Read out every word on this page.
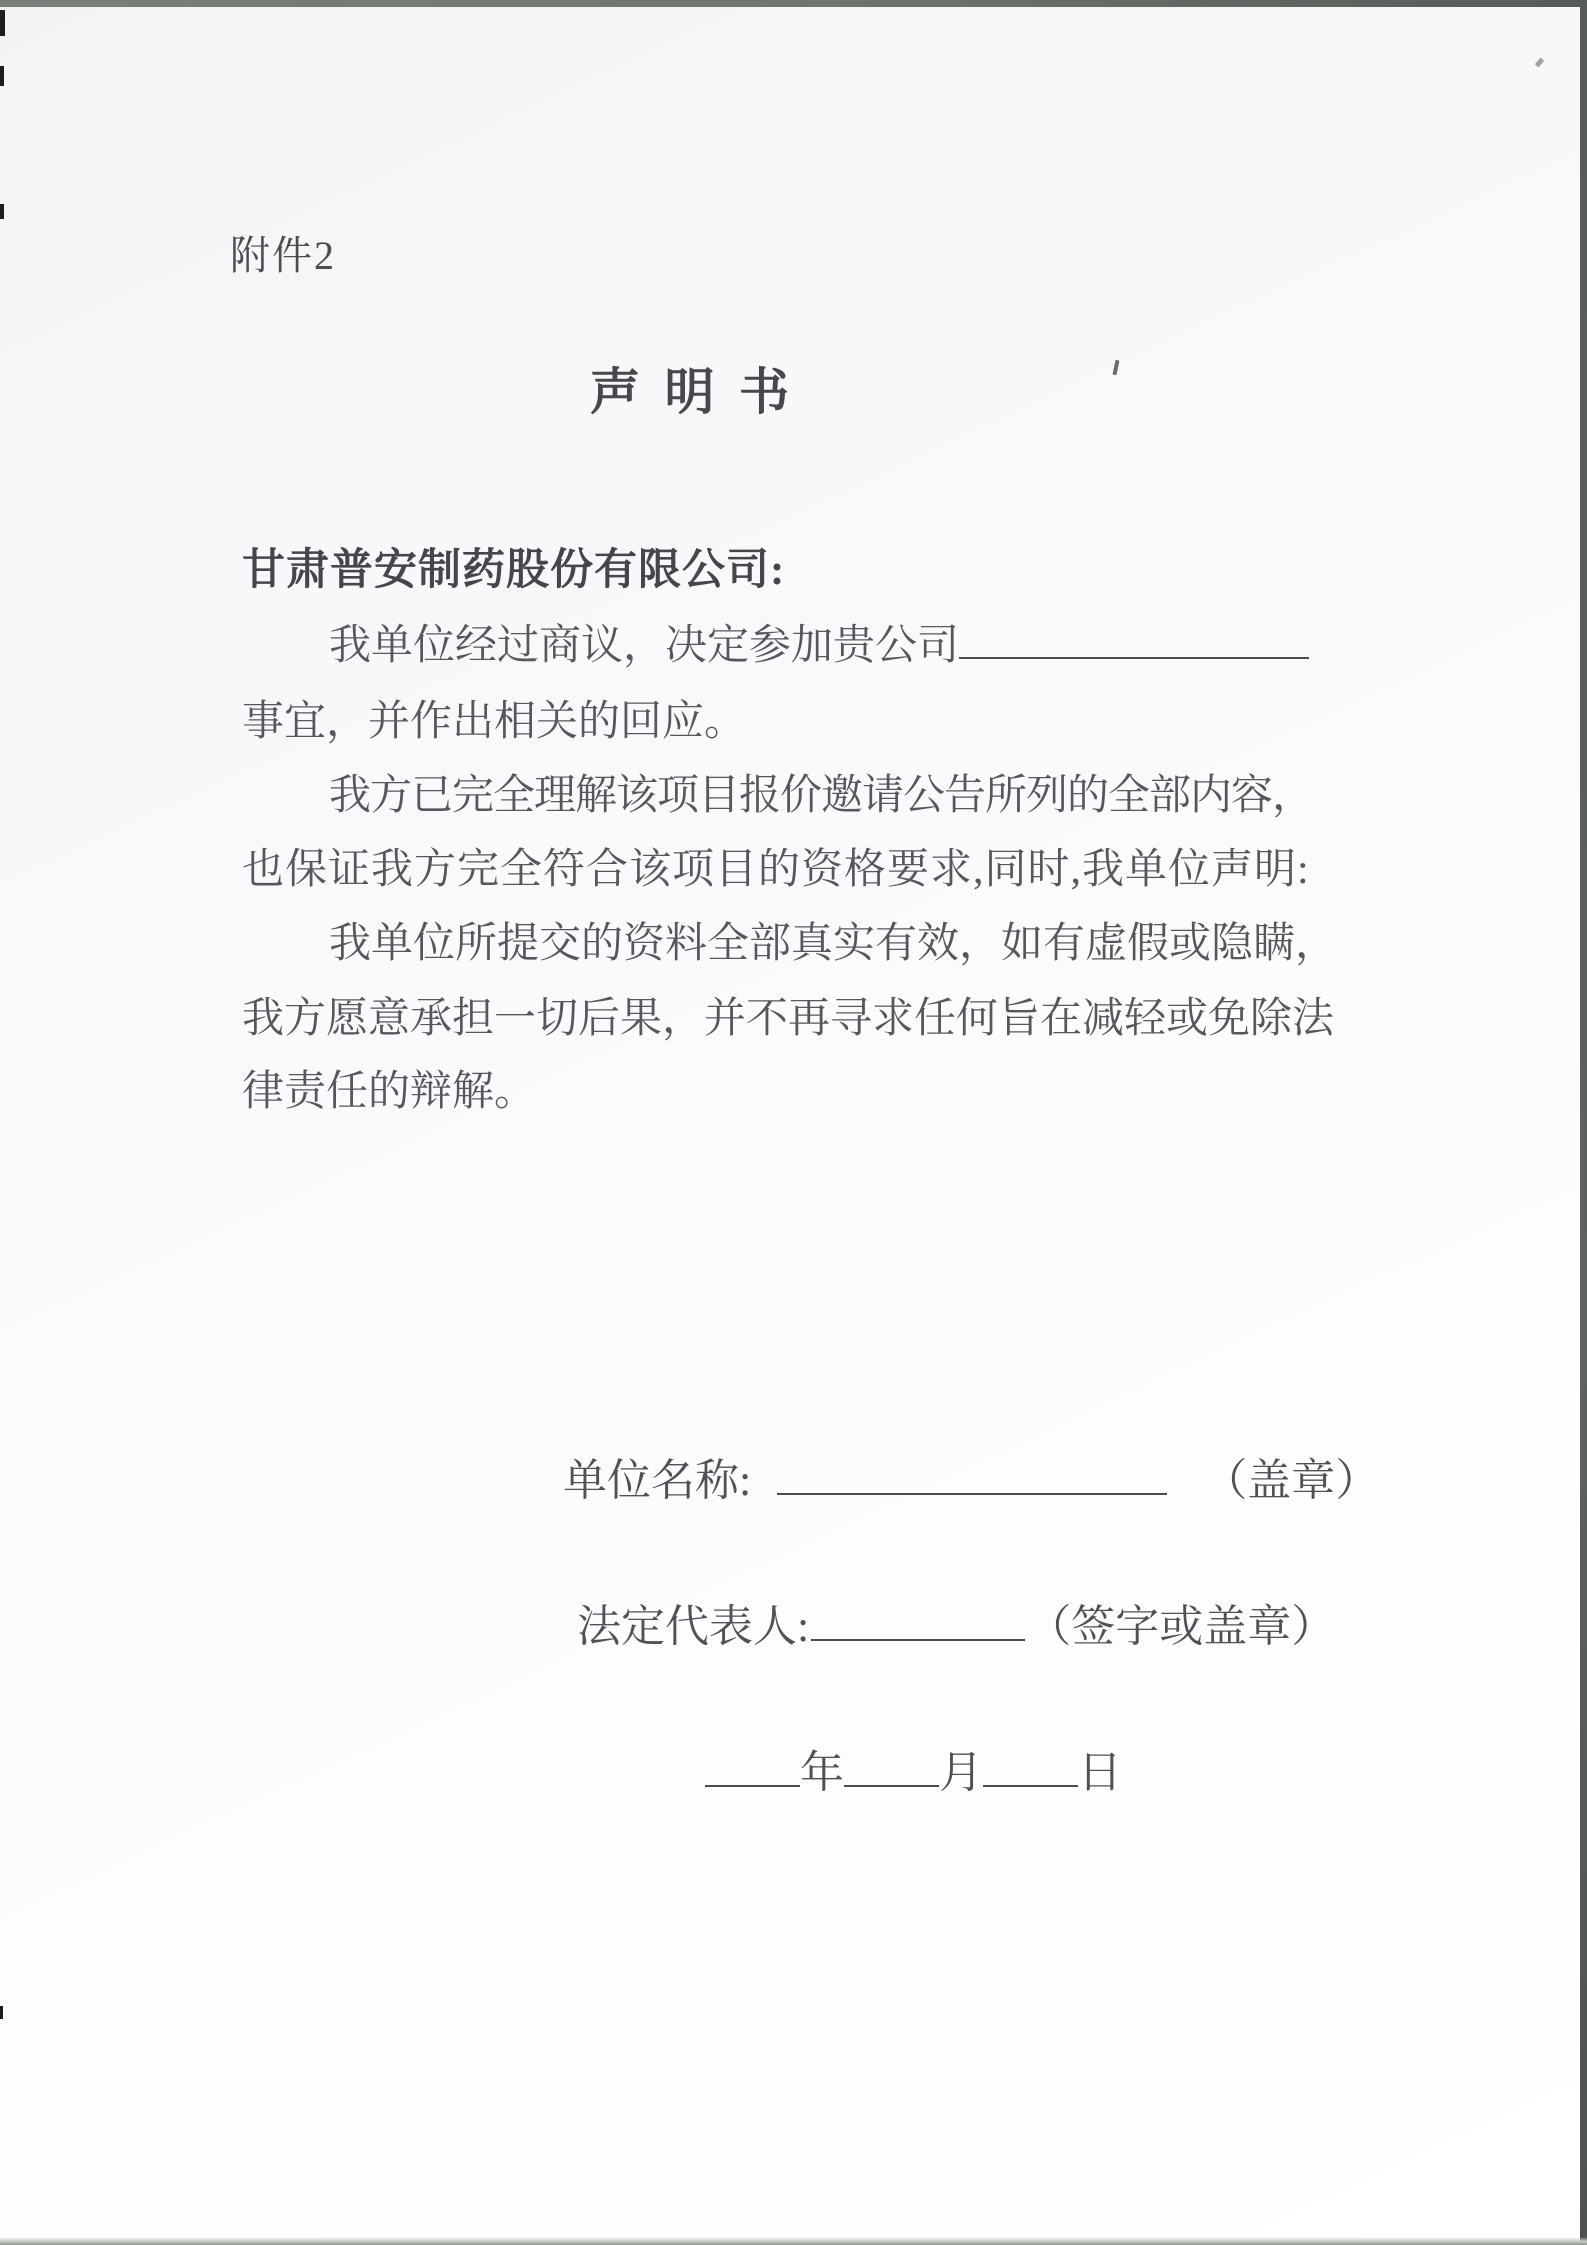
附件2
声 明 书
甘肃普安制药股份有限公司:
我单位经过商议，决定参加贵公司
事宜，并作出相关的回应。
我方已完全理解该项目报价邀请公告所列的全部内容，
也保证我方完全符合该项目的资格要求,同时,我单位声明:
我单位所提交的资料全部真实有效，如有虚假或隐瞒，
我方愿意承担一切后果，并不再寻求任何旨在减轻或免除法
律责任的辩解。
单位名称:	（盖章）
法定代表人:	（签字或盖章）
年 月 日
